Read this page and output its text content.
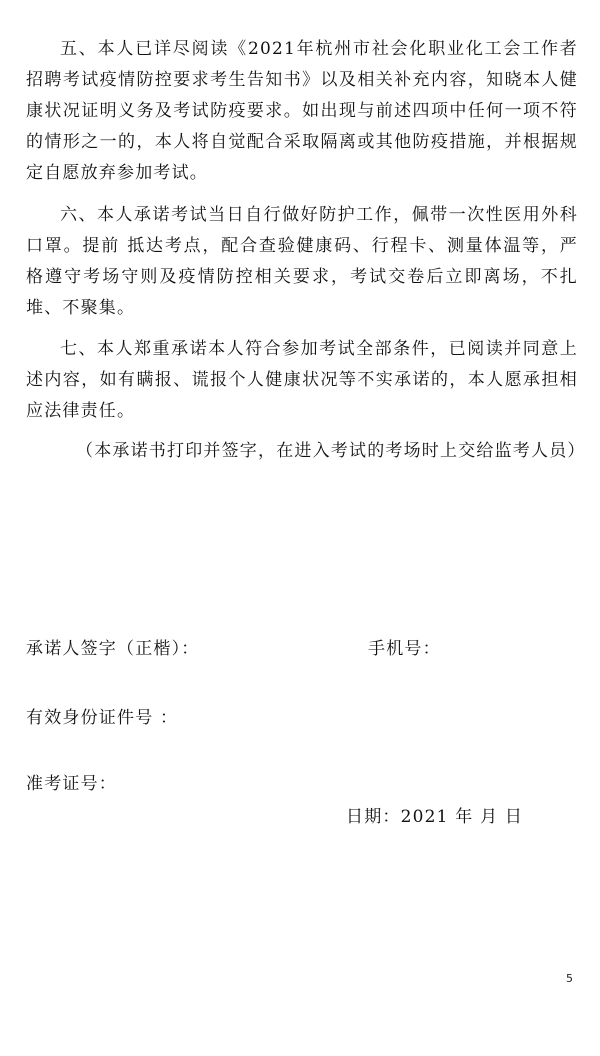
五、本人已详尽阅读《2021年杭州市社会化职业化工会工作者招聘考试疫情防控要求考生告知书》以及相关补充内容，知晓本人健康状况证明义务及考试防疫要求。如出现与前述四项中任何一项不符的情形之一的，本人将自觉配合采取隔离或其他防疫措施，并根据规定自愿放弃参加考试。

六、本人承诺考试当日自行做好防护工作，佩带一次性医用外科口罩。提前 抵达考点，配合查验健康码、行程卡、测量体温等，严格遵守考场守则及疫情防控相关要求，考试交卷后立即离场，不扎堆、不聚集。

七、本人郑重承诺本人符合参加考试全部条件，已阅读并同意上述内容，如有瞒报、谎报个人健康状况等不实承诺的，本人愿承担相应法律责任。

（本承诺书打印并签字，在进入考试的考场时上交给监考人员）

承诺人签字（正楷）：	手机号：
有效身份证件号 ：
准考证号：
日期：2021 年 月 日
5
